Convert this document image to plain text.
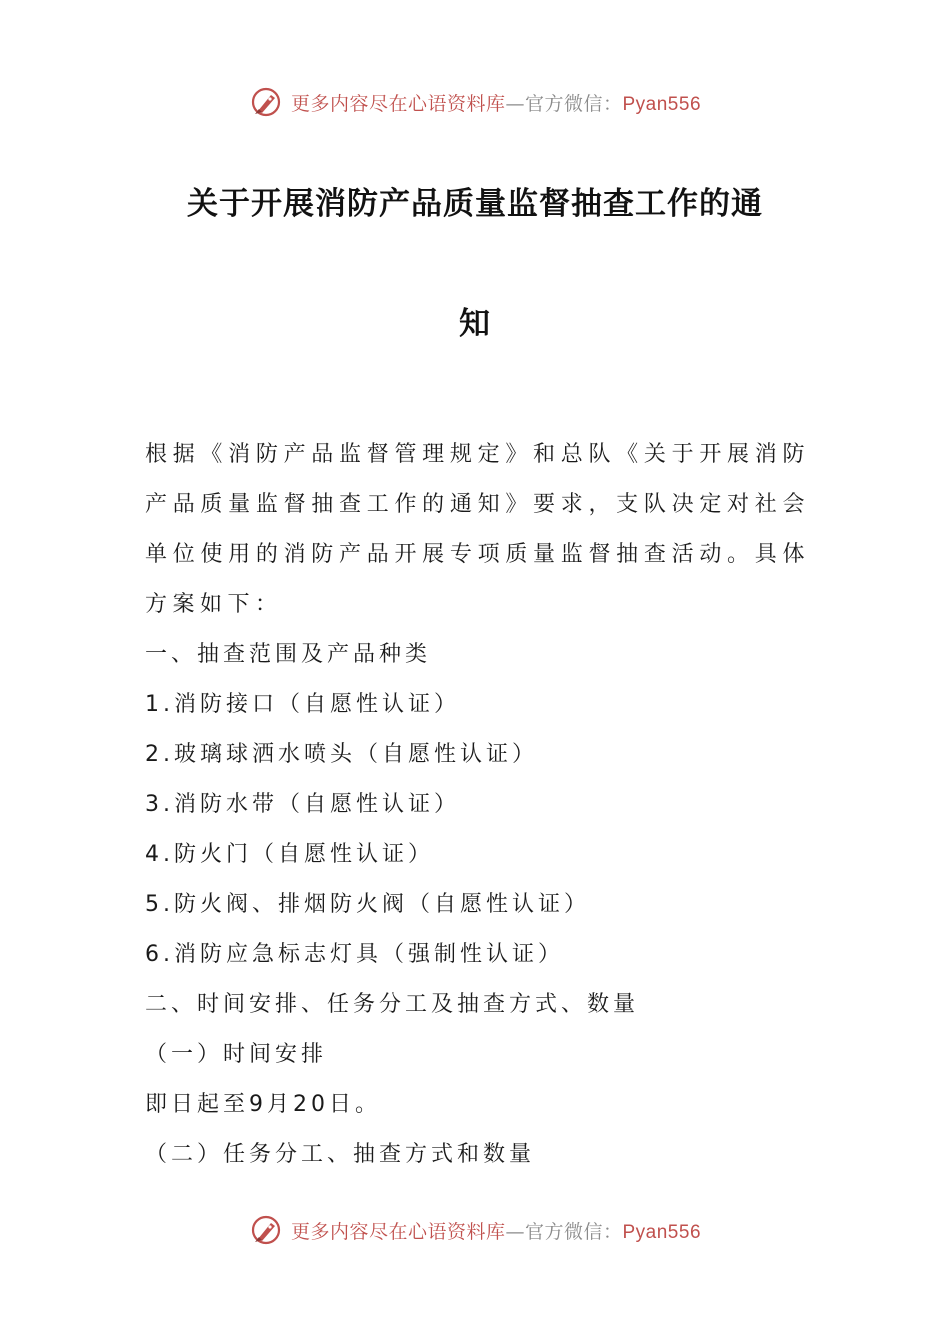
更多内容尽在心语资料库—官方微信：Pyan556
关于开展消防产品质量监督抽查工作的通
知

根据《消防产品监督管理规定》和总队《关于开展消防产品质量监督抽查工作的通知》要求，支队决定对社会单位使用的消防产品开展专项质量监督抽查活动。具体方案如下：

一、抽查范围及产品种类

1.消防接口（自愿性认证）

2.玻璃球洒水喷头（自愿性认证）

3.消防水带（自愿性认证）

4.防火门（自愿性认证）

5.防火阀、排烟防火阀（自愿性认证）

6.消防应急标志灯具（强制性认证）

二、时间安排、任务分工及抽查方式、数量

（一）时间安排

即日起至9月20日。

（二）任务分工、抽查方式和数量

更多内容尽在心语资料库—官方微信：Pyan556
